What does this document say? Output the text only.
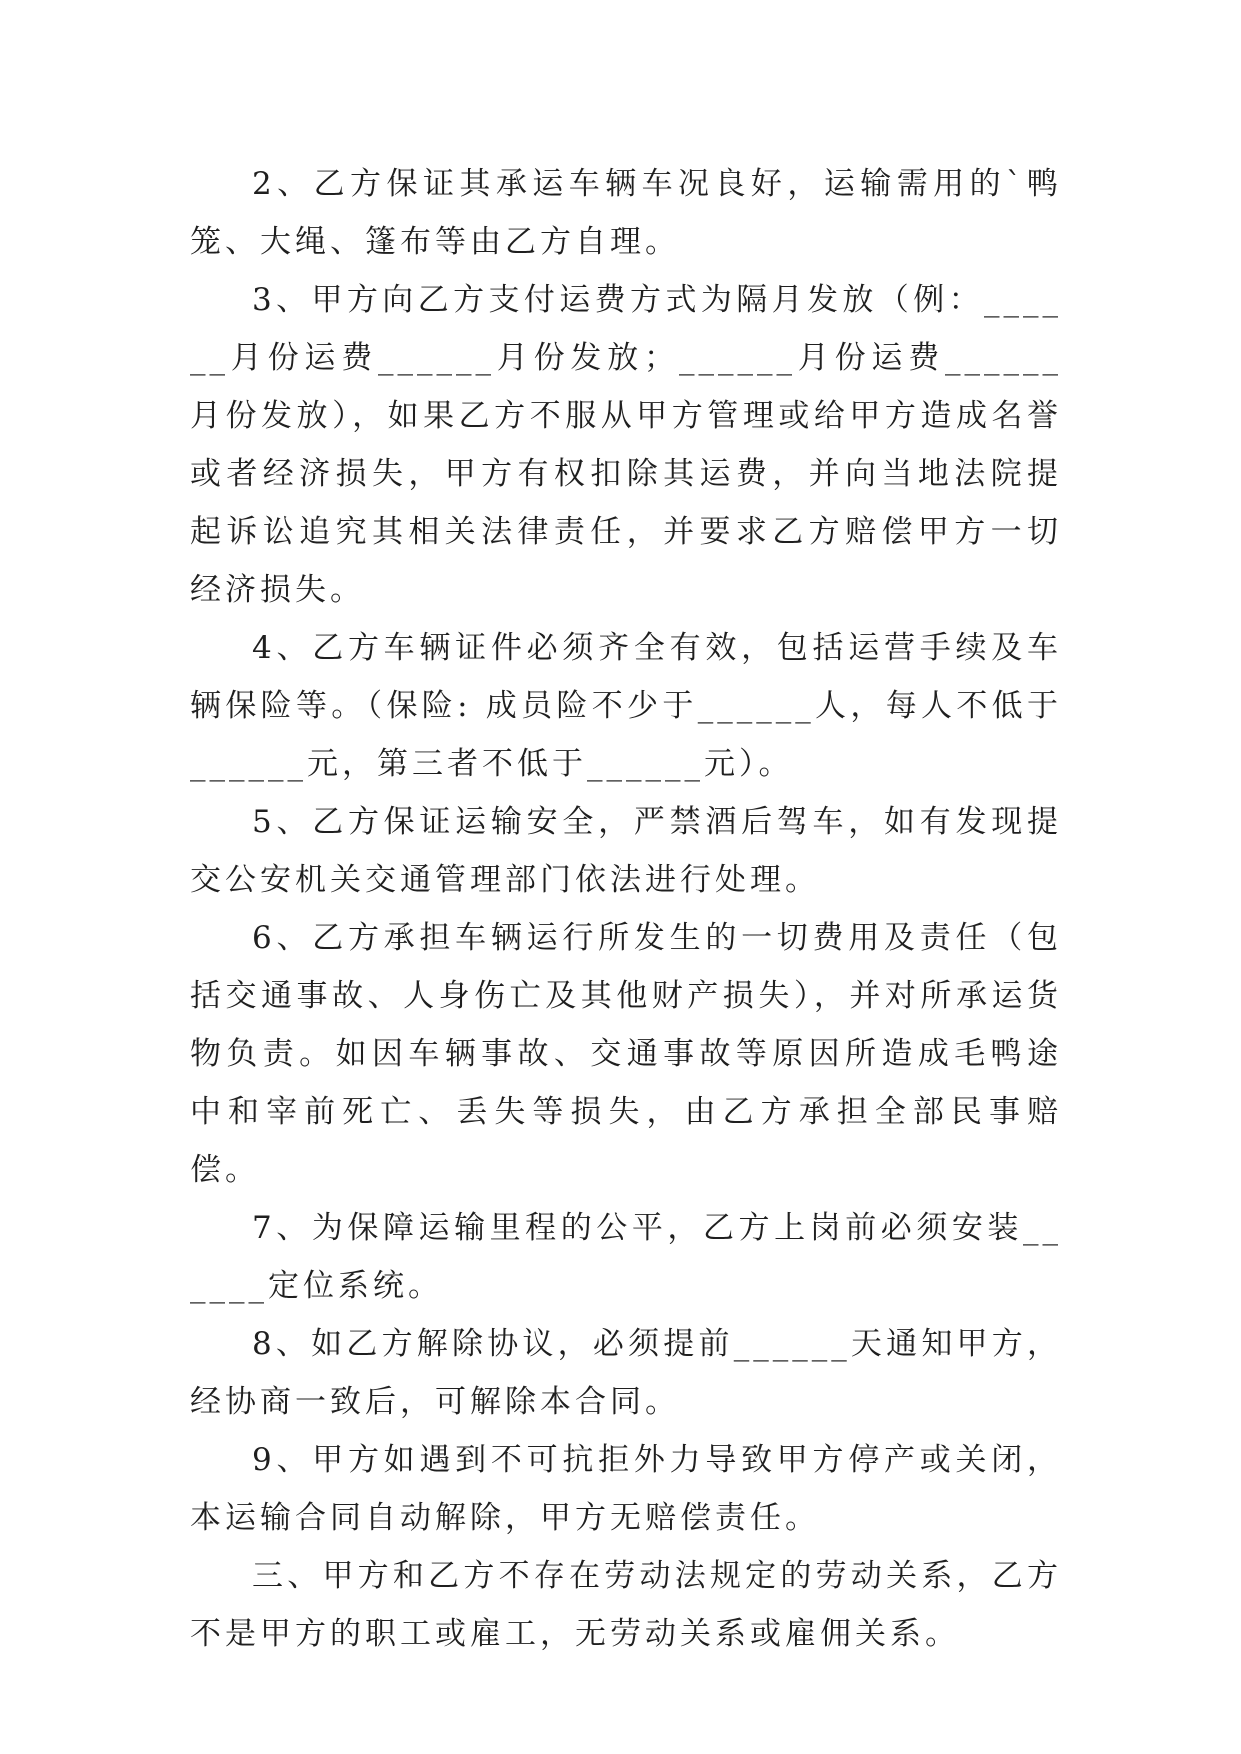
2、乙方保证其承运车辆车况良好，运输需用的`鸭笼、大绳、篷布等由乙方自理。

3、甲方向乙方支付运费方式为隔月发放（例：______月份运费______月份发放；______月份运费______月份发放），如果乙方不服从甲方管理或给甲方造成名誉或者经济损失，甲方有权扣除其运费，并向当地法院提起诉讼追究其相关法律责任，并要求乙方赔偿甲方一切经济损失。

4、乙方车辆证件必须齐全有效，包括运营手续及车辆保险等。（保险: 成员险不少于______人，每人不低于______元，第三者不低于______元）。

5、乙方保证运输安全，严禁酒后驾车，如有发现提交公安机关交通管理部门依法进行处理。

6、乙方承担车辆运行所发生的一切费用及责任（包括交通事故、人身伤亡及其他财产损失），并对所承运货物负责。如因车辆事故、交通事故等原因所造成毛鸭途中和宰前死亡、丢失等损失，由乙方承担全部民事赔偿。

7、为保障运输里程的公平，乙方上岗前必须安装______定位系统。

8、如乙方解除协议，必须提前______天通知甲方，经协商一致后，可解除本合同。

9、甲方如遇到不可抗拒外力导致甲方停产或关闭，本运输合同自动解除，甲方无赔偿责任。

三、甲方和乙方不存在劳动法规定的劳动关系，乙方不是甲方的职工或雇工，无劳动关系或雇佣关系。
